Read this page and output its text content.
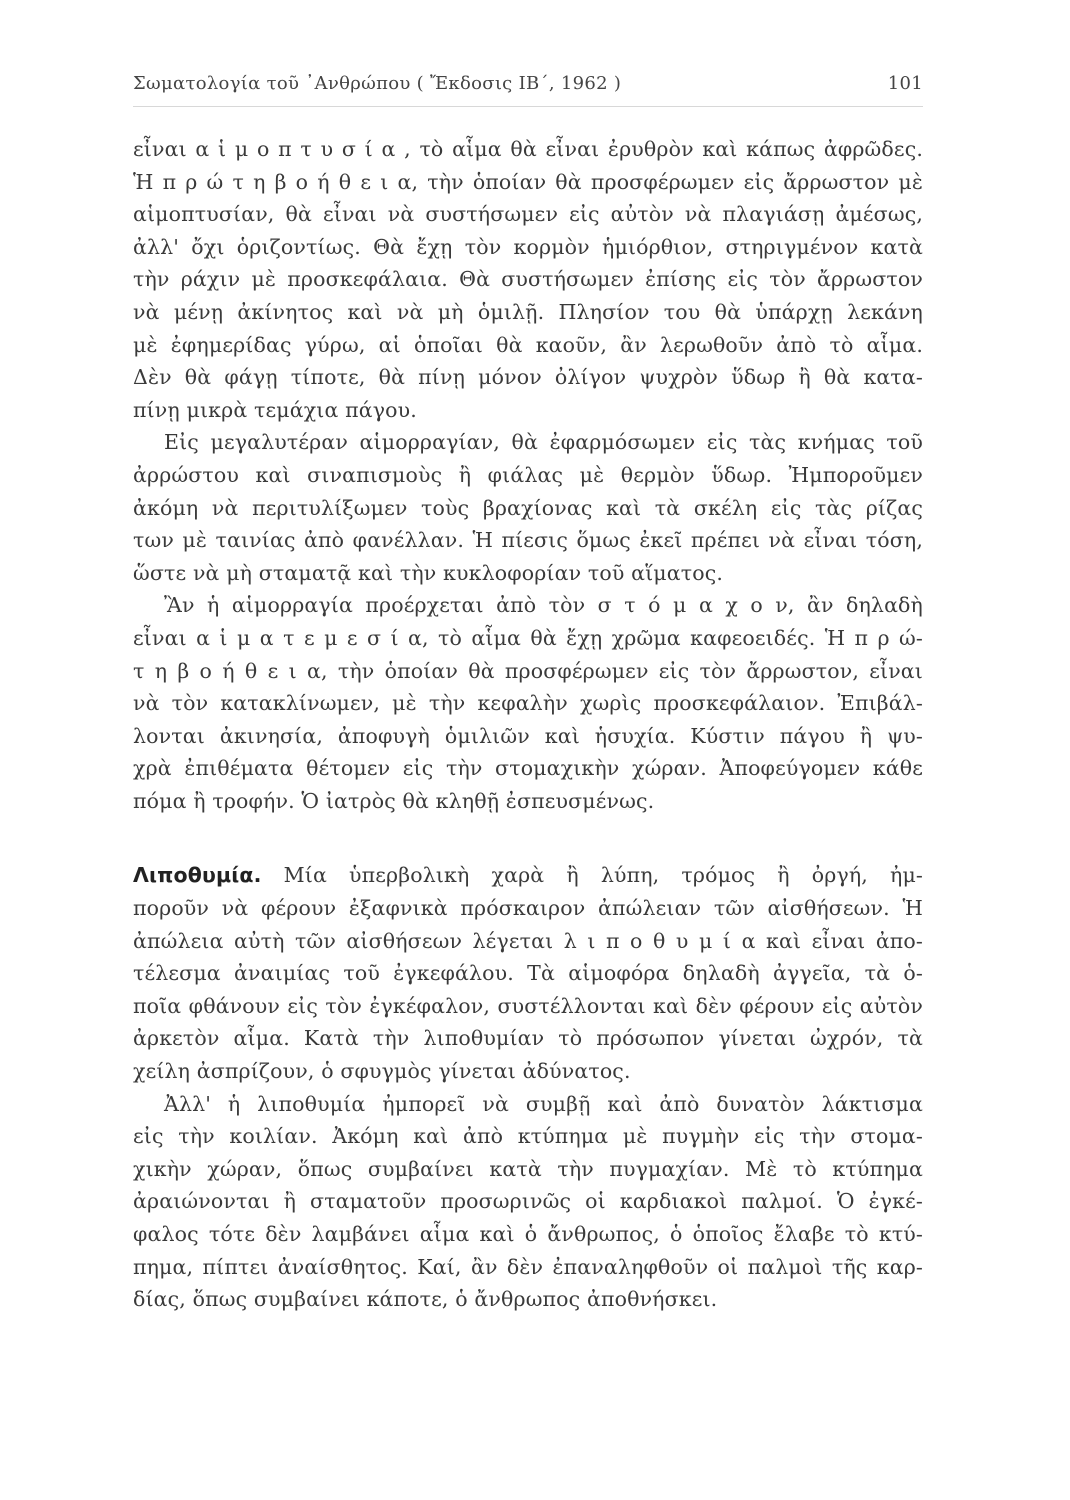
Σωματολογία τοῦ ᾿Ανθρώπου ( Ἔκδοσις ΙΒ΄, 1962 )	101
εἶναι α ἱ μ ο π τ υ σ ί α , τὸ αἷμα θὰ εἶναι ἐρυθρὸν καὶ κάπως ἀφρῶδες.
Ἡ π ρ ώ τ η β ο ή θ ε ι α, τὴν ὁποίαν θὰ προσφέρωμεν εἰς ἄρρωστον μὲ
αἱμοπτυσίαν, θὰ εἶναι νὰ συστήσωμεν εἰς αὐτὸν νὰ πλαγιάσῃ ἀμέσως,
ἀλλ' ὄχι ὁριζοντίως. Θὰ ἔχῃ τὸν κορμὸν ἡμιόρθιον, στηριγμένον κατὰ
τὴν ράχιν μὲ προσκεφάλαια. Θὰ συστήσωμεν ἐπίσης εἰς τὸν ἄρρωστον
νὰ μένῃ ἀκίνητος καὶ νὰ μὴ ὁμιλῇ. Πλησίον του θὰ ὑπάρχῃ λεκάνη
μὲ ἐφημερίδας γύρω, αἱ ὁποῖαι θὰ καοῦν, ἂν λερωθοῦν ἀπὸ τὸ αἷμα.
Δὲν θὰ φάγῃ τίποτε, θὰ πίνῃ μόνον ὀλίγον ψυχρὸν ὕδωρ ἢ θὰ κατα-
πίνῃ μικρὰ τεμάχια πάγου.
Εἰς μεγαλυτέραν αἱμορραγίαν, θὰ ἐφαρμόσωμεν εἰς τὰς κνήμας τοῦ
ἀρρώστου καὶ σιναπισμοὺς ἢ φιάλας μὲ θερμὸν ὕδωρ. Ἠμποροῦμεν
ἀκόμη νὰ περιτυλίξωμεν τοὺς βραχίονας καὶ τὰ σκέλη εἰς τὰς ρίζας
των μὲ ταινίας ἀπὸ φανέλλαν. Ἡ πίεσις ὅμως ἐκεῖ πρέπει νὰ εἶναι τόση,
ὥστε νὰ μὴ σταματᾷ καὶ τὴν κυκλοφορίαν τοῦ αἵματος.
Ἂν ἡ αἱμορραγία προέρχεται ἀπὸ τὸν σ τ ό μ α χ ο ν, ἂν δηλαδὴ
εἶναι α ἱ μ α τ ε μ ε σ ί α, τὸ αἷμα θὰ ἔχῃ χρῶμα καφεοειδές. Ἡ π ρ ώ-
τ η β ο ή θ ε ι α, τὴν ὁποίαν θὰ προσφέρωμεν εἰς τὸν ἄρρωστον, εἶναι
νὰ τὸν κατακλίνωμεν, μὲ τὴν κεφαλὴν χωρὶς προσκεφάλαιον. Ἐπιβάλ-
λονται ἀκινησία, ἀποφυγὴ ὁμιλιῶν καὶ ἡσυχία. Κύστιν πάγου ἢ ψυ-
χρὰ ἐπιθέματα θέτομεν εἰς τὴν στομαχικὴν χώραν. Ἀποφεύγομεν κάθε
πόμα ἢ τροφήν. Ὁ ἰατρὸς θὰ κληθῇ ἐσπευσμένως.
Λιποθυμία. Μία ὑπερβολικὴ χαρὰ ἢ λύπη, τρόμος ἢ ὀργή, ἠμ-
ποροῦν νὰ φέρουν ἐξαφνικὰ πρόσκαιρον ἀπώλειαν τῶν αἰσθήσεων. Ἡ
ἀπώλεια αὐτὴ τῶν αἰσθήσεων λέγεται λ ι π ο θ υ μ ί α καὶ εἶναι ἀπο-
τέλεσμα ἀναιμίας τοῦ ἐγκεφάλου. Τὰ αἱμοφόρα δηλαδὴ ἀγγεῖα, τὰ ὁ-
ποῖα φθάνουν εἰς τὸν ἐγκέφαλον, συστέλλονται καὶ δὲν φέρουν εἰς αὐτὸν
ἀρκετὸν αἷμα. Κατὰ τὴν λιποθυμίαν τὸ πρόσωπον γίνεται ὠχρόν, τὰ
χείλη ἀσπρίζουν, ὁ σφυγμὸς γίνεται ἀδύνατος.
Ἀλλ' ἡ λιποθυμία ἠμπορεῖ νὰ συμβῇ καὶ ἀπὸ δυνατὸν λάκτισμα
εἰς τὴν κοιλίαν. Ἀκόμη καὶ ἀπὸ κτύπημα μὲ πυγμὴν εἰς τὴν στομα-
χικὴν χώραν, ὅπως συμβαίνει κατὰ τὴν πυγμαχίαν. Μὲ τὸ κτύπημα
ἀραιώνονται ἢ σταματοῦν προσωρινῶς οἱ καρδιακοὶ παλμοί. Ὁ ἐγκέ-
φαλος τότε δὲν λαμβάνει αἷμα καὶ ὁ ἄνθρωπος, ὁ ὁποῖος ἔλαβε τὸ κτύ-
πημα, πίπτει ἀναίσθητος. Καί, ἂν δὲν ἐπαναληφθοῦν οἱ παλμοὶ τῆς καρ-
δίας, ὅπως συμβαίνει κάποτε, ὁ ἄνθρωπος ἀποθνήσκει.
